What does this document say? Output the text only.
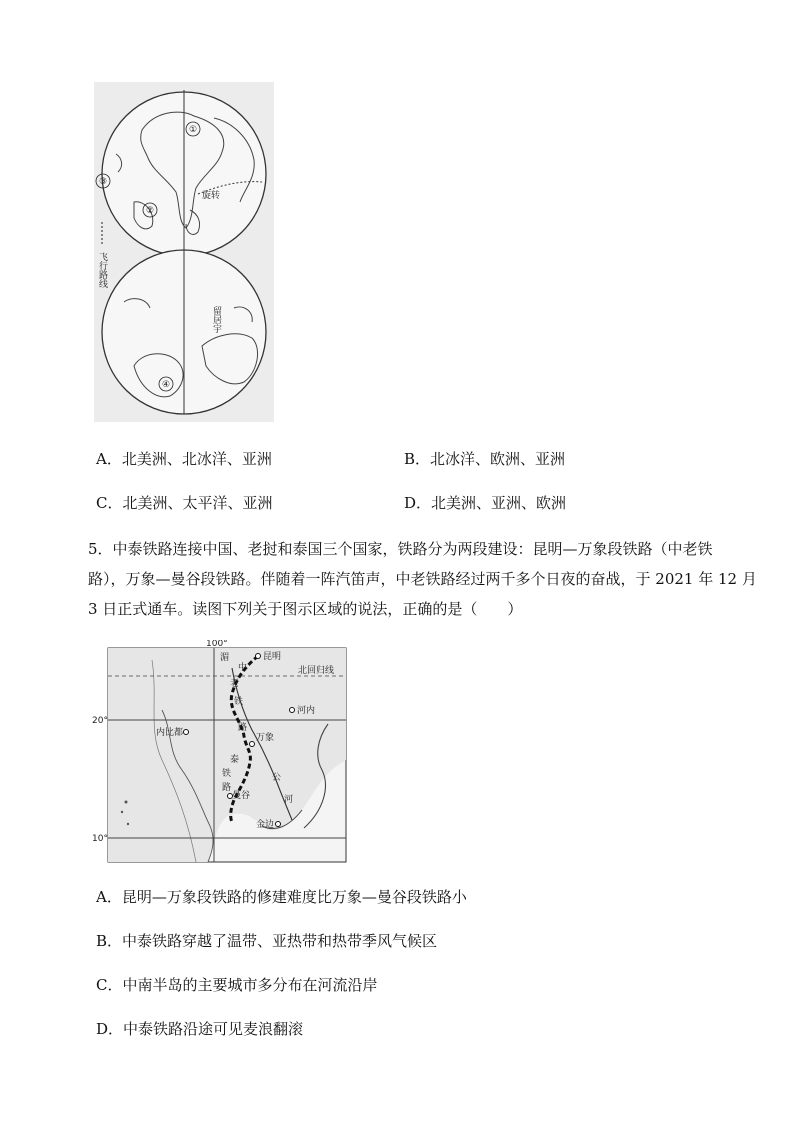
①
②
③
④
旋转
留居宇
飞行路线
A．北美洲、北冰洋、亚洲	B．北冰洋、欧洲、亚洲
C．北美洲、太平洋、亚洲	D．北美洲、亚洲、欧洲
5．中泰铁路连接中国、老挝和泰国三个国家，铁路分为两段建设：昆明—万象段铁路（中老铁
路），万象—曼谷段铁路。伴随着一阵汽笛声，中老铁路经过两千多个日夜的奋战，于 2021 年 12 月
3 日正式通车。读图下列关于图示区域的说法，正确的是（　　）
昆明
河内
内比都	万象
曼谷
金边
中
老
铁
路
泰
铁
路
湄
公
河
100°
20°
10°
北回归线
A．昆明—万象段铁路的修建难度比万象—曼谷段铁路小
B．中泰铁路穿越了温带、亚热带和热带季风气候区
C．中南半岛的主要城市多分布在河流沿岸
D．中泰铁路沿途可见麦浪翻滚
